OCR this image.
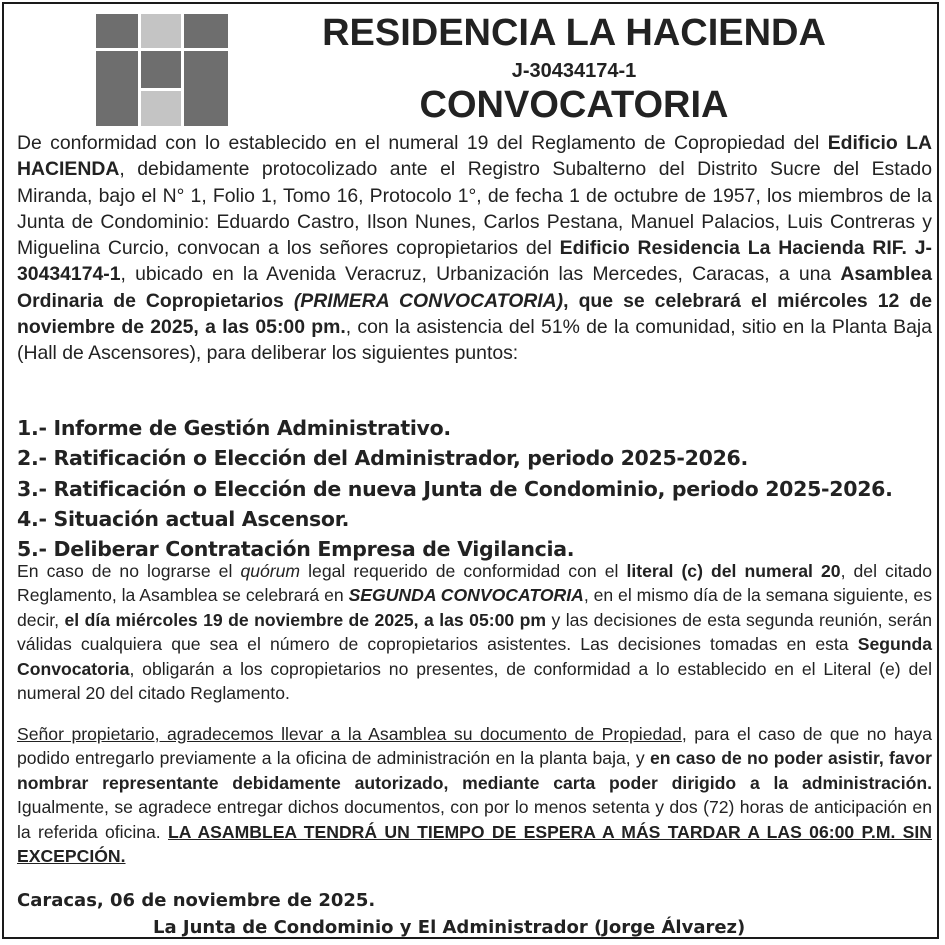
RESIDENCIA LA HACIENDA
J-30434174-1
CONVOCATORIA

De conformidad con lo establecido en el numeral 19 del Reglamento de Copropiedad del Edificio LA HACIENDA, debidamente protocolizado ante el Registro Subalterno del Distrito Sucre del Estado Miranda, bajo el N° 1, Folio 1, Tomo 16, Protocolo 1°, de fecha 1 de octubre de 1957, los miembros de la Junta de Condominio: Eduardo Castro, Ilson Nunes, Carlos Pestana, Manuel Palacios, Luis Contreras y Miguelina Curcio, convocan a los señores copropietarios del Edificio Residencia La Hacienda RIF. J-30434174-1, ubicado en la Avenida Veracruz, Urbanización las Mercedes, Caracas, a una Asamblea Ordinaria de Copropietarios (PRIMERA CONVOCATORIA), que se celebrará el miércoles 12 de noviembre de 2025, a las 05:00 pm., con la asistencia del 51% de la comunidad, sitio en la Planta Baja (Hall de Ascensores), para deliberar los siguientes puntos:

1.- Informe de Gestión Administrativo.
2.- Ratificación o Elección del Administrador, periodo 2025-2026.
3.- Ratificación o Elección de nueva Junta de Condominio, periodo 2025-2026.
4.- Situación actual Ascensor.
5.- Deliberar Contratación Empresa de Vigilancia.

En caso de no lograrse el quórum legal requerido de conformidad con el literal (c) del numeral 20, del citado Reglamento, la Asamblea se celebrará en SEGUNDA CONVOCATORIA, en el mismo día de la semana siguiente, es decir, el día miércoles 19 de noviembre de 2025, a las 05:00 pm y las decisiones de esta segunda reunión, serán válidas cualquiera que sea el número de copropietarios asistentes. Las decisiones tomadas en esta Segunda Convocatoria, obligarán a los copropietarios no presentes, de conformidad a lo establecido en el Literal (e) del numeral 20 del citado Reglamento.

Señor propietario, agradecemos llevar a la Asamblea su documento de Propiedad, para el caso de que no haya podido entregarlo previamente a la oficina de administración en la planta baja, y en caso de no poder asistir, favor nombrar representante debidamente autorizado, mediante carta poder dirigido a la administración. Igualmente, se agradece entregar dichos documentos, con por lo menos setenta y dos (72) horas de anticipación en la referida oficina. LA ASAMBLEA TENDRÁ UN TIEMPO DE ESPERA A MÁS TARDAR A LAS 06:00 P.M. SIN EXCEPCIÓN.

Caracas, 06 de noviembre de 2025.
La Junta de Condominio y El Administrador (Jorge Álvarez)
